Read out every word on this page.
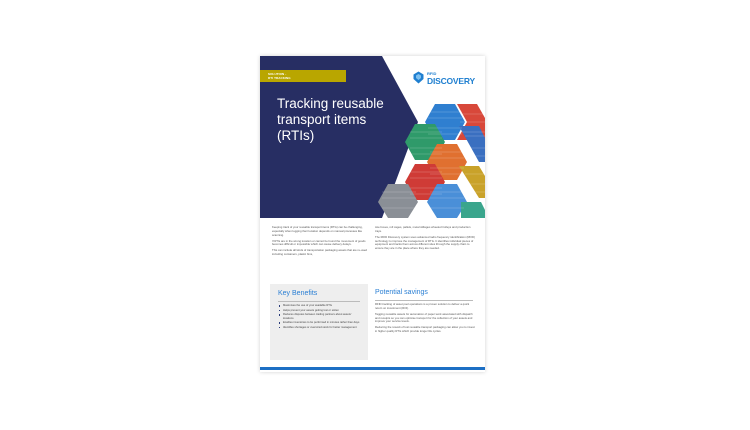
SOLUTION -
RTI TRACKING
Tracking reusable transport items (RTIs)
RFID
DISCOVERY

Keeping track of your reusable transport items (RTIs) can be challenging, especially when logging their location depends on manual processes like scanning.

If RTIs are in the wrong location or cannot be found the movement of goods becomes difficult or impossible which can cause delivery delays.

This can include all kinds of transportation packaging assets that are re-used including containers, plastic bins,

tote boxes, roll cages, pallets, metal stillages wheeled trolleys and production trays.

The RFID Discovery system uses advanced radio frequency identification (RFID) technology to improve the management of RTIs. It identifies individual pieces of equipment and tracks them across different sites through the supply chain to ensure they are in the place where they are needed.

Key Benefits
Maximises the use of your available RTIs
Helps prevent your assets getting lost or stolen
Reduces disputes between trading partners about assets' locations
Enables inventories to be performed in minutes rather than days
Identifies shortages or oversized stock for better management
Potential savings

RFID tracking of asset pool operations is a proven solution to deliver a quick return on investment (ROI).

Tagging reusable assets for automation of paper work associated with dispatch and receipts so you can optimise transport for the collection of your assets and improve your service levels.

Reducing the rework of lost reusable transport packaging can allow you to invest in higher quality RTIs which provide longer life cycles.
